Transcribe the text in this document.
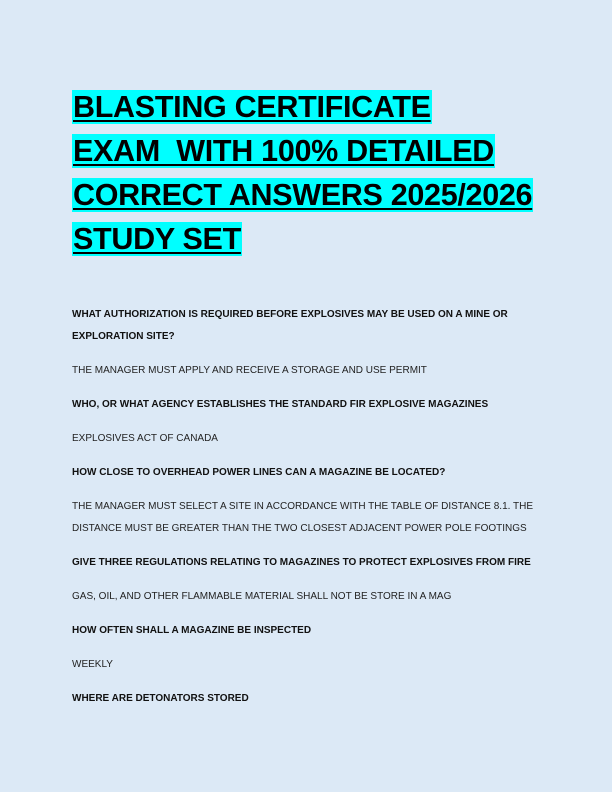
BLASTING CERTIFICATE
EXAM  WITH 100% DETAILED
CORRECT ANSWERS 2025/2026
STUDY SET

WHAT AUTHORIZATION IS REQUIRED BEFORE EXPLOSIVES MAY BE USED ON A MINE OR EXPLORATION SITE?

THE MANAGER MUST APPLY AND RECEIVE A STORAGE AND USE PERMIT

WHO, OR WHAT AGENCY ESTABLISHES THE STANDARD FIR EXPLOSIVE MAGAZINES

EXPLOSIVES ACT OF CANADA

HOW CLOSE TO OVERHEAD POWER LINES CAN A MAGAZINE BE LOCATED?

THE MANAGER MUST SELECT A SITE IN ACCORDANCE WITH THE TABLE OF DISTANCE 8.1. THE DISTANCE MUST BE GREATER THAN THE TWO CLOSEST ADJACENT POWER POLE FOOTINGS

GIVE THREE REGULATIONS RELATING TO MAGAZINES TO PROTECT EXPLOSIVES FROM FIRE

GAS, OIL, AND OTHER FLAMMABLE MATERIAL SHALL NOT BE STORE IN A MAG

HOW OFTEN SHALL A MAGAZINE BE INSPECTED

WEEKLY

WHERE ARE DETONATORS STORED
